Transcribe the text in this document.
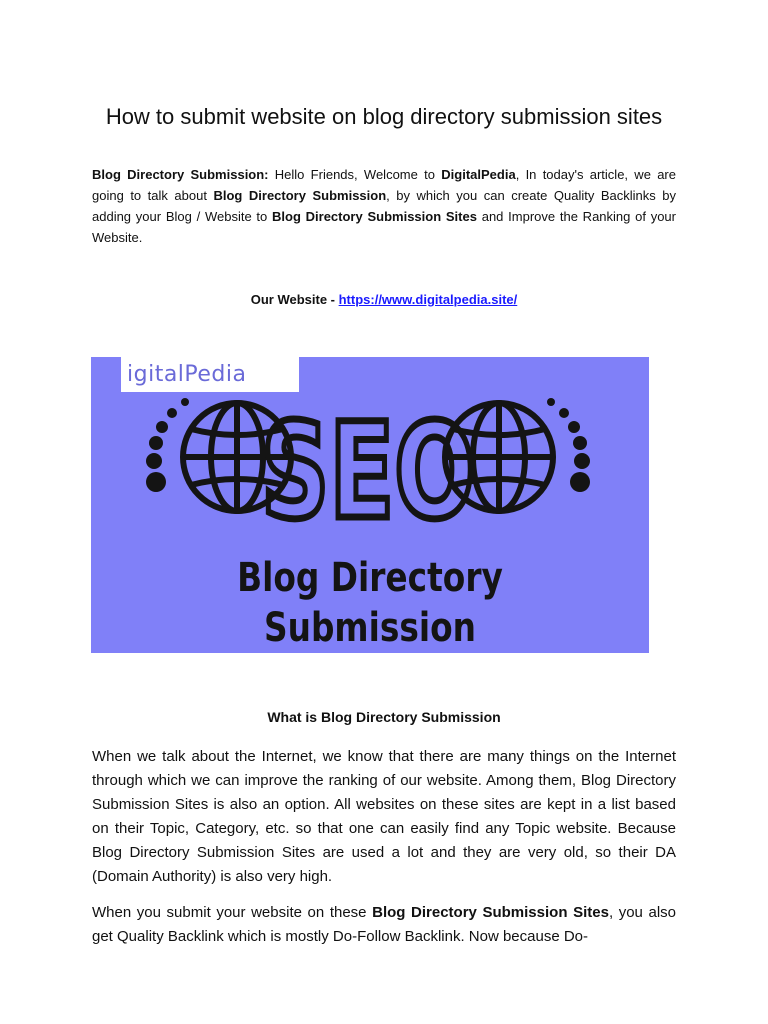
How to submit website on blog directory submission sites
Blog Directory Submission: Hello Friends, Welcome to DigitalPedia, In today's article, we are going to talk about Blog Directory Submission, by which you can create Quality Backlinks by adding your Blog / Website to Blog Directory Submission Sites and Improve the Ranking of your Website.
Our Website - https://www.digitalpedia.site/
SEO
igitalPedia
Blog Directory Submission
What is Blog Directory Submission

When we talk about the Internet, we know that there are many things on the Internet through which we can improve the ranking of our website. Among them, Blog Directory Submission Sites is also an option. All websites on these sites are kept in a list based on their Topic, Category, etc. so that one can easily find any Topic website. Because Blog Directory Submission Sites are used a lot and they are very old, so their DA (Domain Authority) is also very high.

When you submit your website on these Blog Directory Submission Sites, you also get Quality Backlink which is mostly Do-Follow Backlink. Now because Do-
